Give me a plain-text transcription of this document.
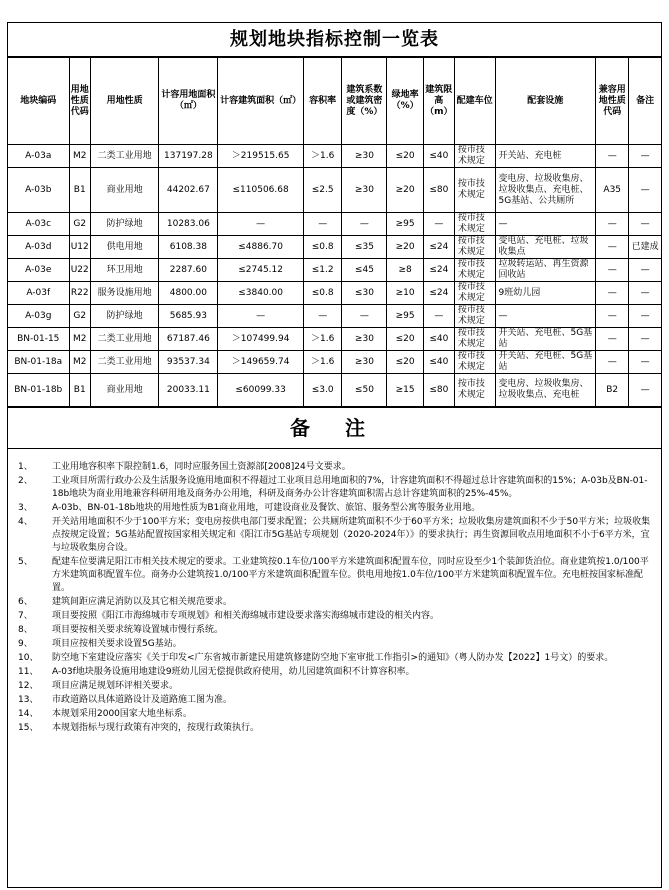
规划地块指标控制一览表
地块编码	用地性质代码	用地性质	计容用地面积（㎡）	计容建筑面积（㎡）	容积率	建筑系数或建筑密度（%）	绿地率（%）	建筑限高（m）	配建车位	配套设施	兼容用地性质代码	备注
A-03a	M2	二类工业用地	137197.28	＞219515.65	＞1.6	≥30	≤20	≤40	按市技术规定	开关站、充电桩	—	—
A-03b	B1	商业用地	44202.67	≤110506.68	≤2.5	≥30	≥20	≤80	按市技术规定	变电房、垃圾收集房、垃圾收集点、充电桩、5G基站、公共厕所	A35	—
A-03c	G2	防护绿地	10283.06	—	—	—	≥95	—	按市技术规定	—	—	—
A-03d	U12	供电用地	6108.38	≤4886.70	≤0.8	≤35	≥20	≤24	按市技术规定	变电站、充电桩、垃圾收集点	—	已建成
A-03e	U22	环卫用地	2287.60	≤2745.12	≤1.2	≤45	≥8	≤24	按市技术规定	垃圾转运站、再生资源回收站	—	—
A-03f	R22	服务设施用地	4800.00	≤3840.00	≤0.8	≤30	≥10	≤24	按市技术规定	9班幼儿园	—	—
A-03g	G2	防护绿地	5685.93	—	—	—	≥95	—	按市技术规定	—	—	—
BN-01-15	M2	二类工业用地	67187.46	＞107499.94	＞1.6	≥30	≤20	≤40	按市技术规定	开关站、充电桩、5G基站	—	—
BN-01-18a	M2	二类工业用地	93537.34	＞149659.74	＞1.6	≥30	≤20	≤40	按市技术规定	开关站、充电桩、5G基站	—	—
BN-01-18b	B1	商业用地	20033.11	≤60099.33	≤3.0	≤50	≥15	≤80	按市技术规定	变电房、垃圾收集房、垃圾收集点、充电桩	B2	—
备 注
1、	工业用地容积率下限控制1.6，同时应服务国土资源部[2008]24号文要求。
2、	工业项目所需行政办公及生活服务设施用地面积不得超过工业项目总用地面积的7%，计容建筑面积不得超过总计容建筑面积的15%；A-03b及BN-01-18b地块为商业用地兼容科研用地及商务办公用地，科研及商务办公计容建筑面积需占总计容建筑面积的25%-45%。
3、	A-03b、BN-01-18b地块的用地性质为B1商业用地，可建设商业及餐饮、旅馆、服务型公寓等服务业用地。
4、	开关站用地面积不少于100平方米；变电房按供电部门要求配置；公共厕所建筑面积不少于60平方米；垃圾收集房建筑面积不少于50平方米；垃圾收集点按规定设置；5G基站配置按国家相关规定和《阳江市5G基站专项规划（2020-2024年）》的要求执行；再生资源回收点用地面积不小于6平方米，宜与垃圾收集房合设。
5、	配建车位要满足阳江市相关技术规定的要求。工业建筑按0.1车位/100平方米建筑面积配置车位，同时应设至少1个装卸货泊位。商业建筑按1.0/100平方米建筑面积配置车位。商务办公建筑按1.0/100平方米建筑面积配置车位。供电用地按1.0车位/100平方米建筑面积配置车位。充电桩按国家标准配置。
6、	建筑间距应满足消防以及其它相关规范要求。
7、	项目要按照《阳江市海绵城市专项规划》和相关海绵城市建设要求落实海绵城市建设的相关内容。
8、	项目要按相关要求统筹设置城市慢行系统。
9、	项目应按相关要求设置5G基站。
10、	防空地下室建设应落实《关于印发<广东省城市新建民用建筑修建防空地下室审批工作指引>的通知》（粤人防办发【2022】1号文）的要求。
11、	A-03f地块服务设施用地建设9班幼儿园无偿提供政府使用，幼儿园建筑面积不计算容积率。
12、	项目应满足规划环评相关要求。
13、	市政道路以具体道路设计及道路施工图为准。
14、	本规划采用2000国家大地坐标系。
15、	本规划指标与现行政策有冲突的，按现行政策执行。
